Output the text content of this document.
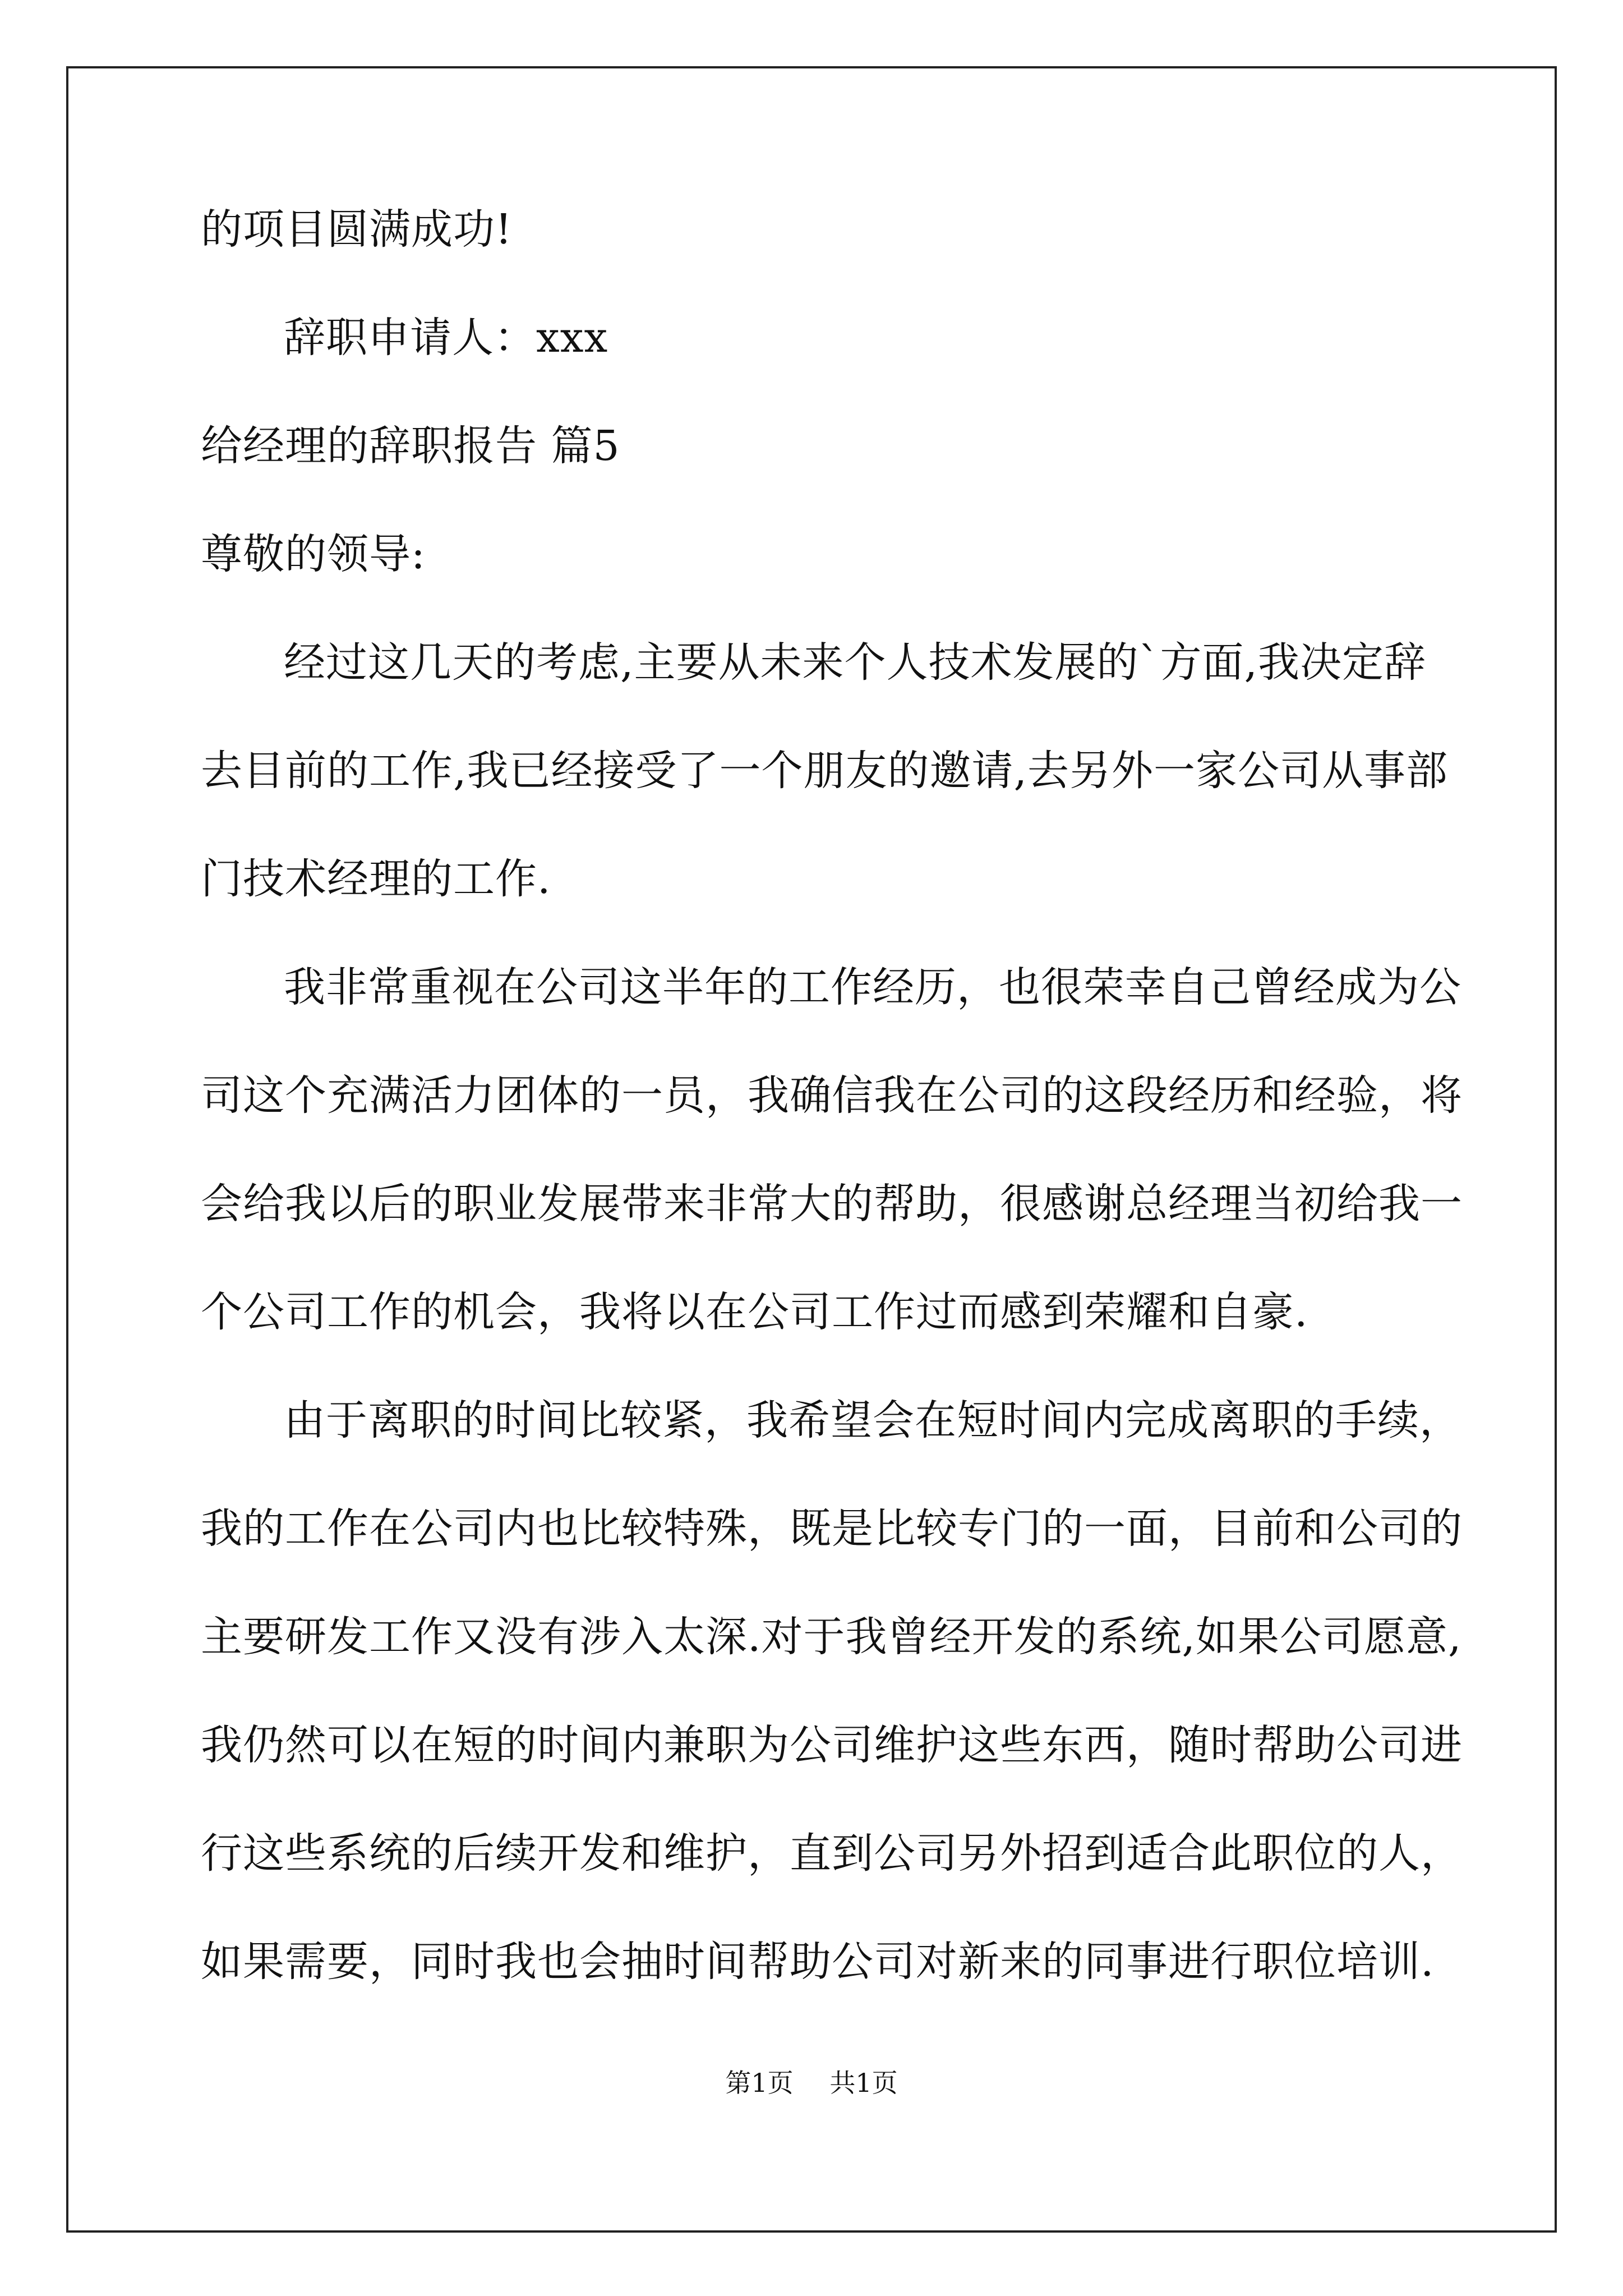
的项目圆满成功!
辞职申请人：xxx
给经理的辞职报告 篇5
尊敬的领导:
经过这几天的考虑,主要从未来个人技术发展的`方面,我决定辞
去目前的工作,我已经接受了一个朋友的邀请,去另外一家公司从事部
门技术经理的工作.
我非常重视在公司这半年的工作经历，也很荣幸自己曾经成为公
司这个充满活力团体的一员，我确信我在公司的这段经历和经验，将
会给我以后的职业发展带来非常大的帮助，很感谢总经理当初给我一
个公司工作的机会，我将以在公司工作过而感到荣耀和自豪.
由于离职的时间比较紧，我希望会在短时间内完成离职的手续，
我的工作在公司内也比较特殊，既是比较专门的一面，目前和公司的
主要研发工作又没有涉入太深.对于我曾经开发的系统,如果公司愿意,
我仍然可以在短的时间内兼职为公司维护这些东西，随时帮助公司进
行这些系统的后续开发和维护，直到公司另外招到适合此职位的人，
如果需要，同时我也会抽时间帮助公司对新来的同事进行职位培训.
第1页 共1页
